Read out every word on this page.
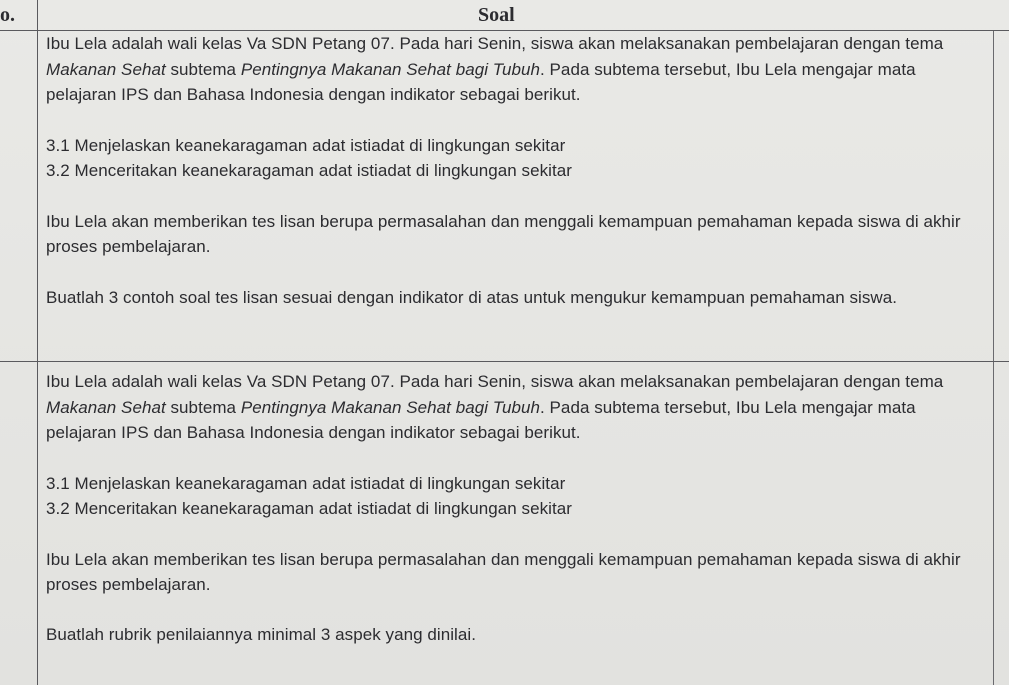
o.	Soal

Ibu Lela adalah wali kelas Va SDN Petang 07. Pada hari Senin, siswa akan melaksanakan pembelajaran dengan tema Makanan Sehat subtema Pentingnya Makanan Sehat bagi Tubuh. Pada subtema tersebut, Ibu Lela mengajar mata pelajaran IPS dan Bahasa Indonesia dengan indikator sebagai berikut.

3.1 Menjelaskan keanekaragaman adat istiadat di lingkungan sekitar

3.2 Menceritakan keanekaragaman adat istiadat di lingkungan sekitar

Ibu Lela akan memberikan tes lisan berupa permasalahan dan menggali kemampuan pemahaman kepada siswa di akhir proses pembelajaran.

Buatlah 3 contoh soal tes lisan sesuai dengan indikator di atas untuk mengukur kemampuan pemahaman siswa.

Ibu Lela adalah wali kelas Va SDN Petang 07. Pada hari Senin, siswa akan melaksanakan pembelajaran dengan tema Makanan Sehat subtema Pentingnya Makanan Sehat bagi Tubuh. Pada subtema tersebut, Ibu Lela mengajar mata pelajaran IPS dan Bahasa Indonesia dengan indikator sebagai berikut.

3.1 Menjelaskan keanekaragaman adat istiadat di lingkungan sekitar

3.2 Menceritakan keanekaragaman adat istiadat di lingkungan sekitar

Ibu Lela akan memberikan tes lisan berupa permasalahan dan menggali kemampuan pemahaman kepada siswa di akhir proses pembelajaran.

Buatlah rubrik penilaiannya minimal 3 aspek yang dinilai.
